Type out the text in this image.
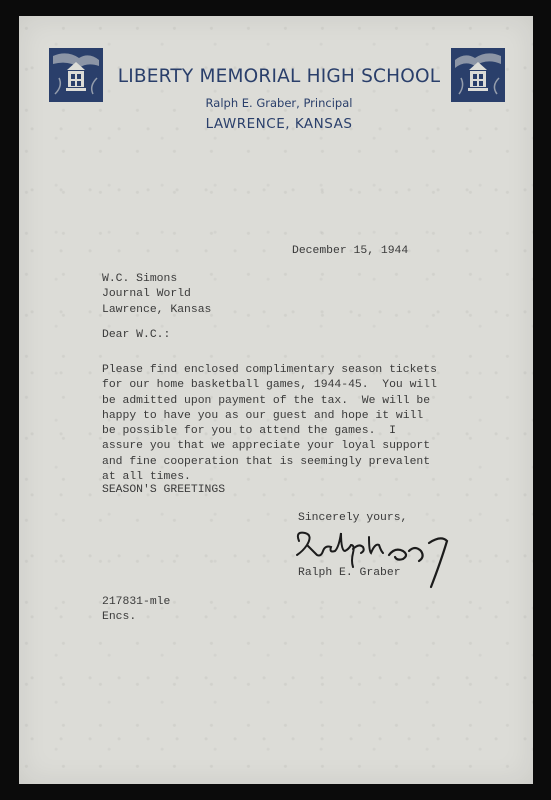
LIBERTY MEMORIAL HIGH SCHOOL
Ralph E. Graber, Principal
LAWRENCE, KANSAS
December 15, 1944
W.C. Simons
Journal World
Lawrence, Kansas
Dear W.C.:
Please find enclosed complimentary season tickets
for our home basketball games, 1944-45.  You will
be admitted upon payment of the tax.  We will be
happy to have you as our guest and hope it will
be possible for you to attend the games.  I
assure you that we appreciate your loyal support
and fine cooperation that is seemingly prevalent
at all times.
SEASON'S GREETINGS
Sincerely yours,
Ralph E. Graber
217831-mle
Encs.
